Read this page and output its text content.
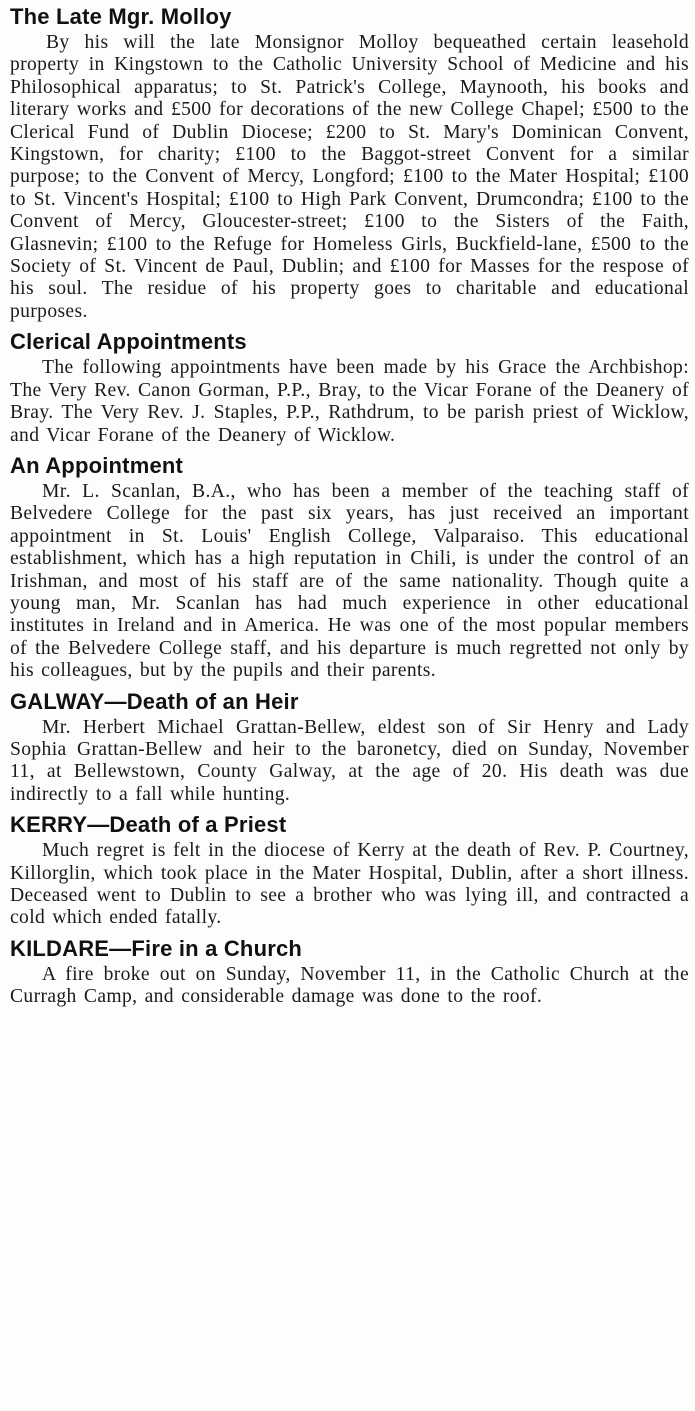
The Late Mgr. Molloy

By his will the late Monsignor Molloy bequeathed certain leasehold property in Kingstown to the Catholic University School of Medicine and his Philosophical apparatus; to St. Patrick's College, Maynooth, his books and literary works and £500 for decorations of the new College Chapel; £500 to the Clerical Fund of Dublin Diocese; £200 to St. Mary's Dominican Convent, Kingstown, for charity; £100 to the Baggot-street Convent for a similar purpose; to the Convent of Mercy, Longford; £100 to the Mater Hospital; £100 to St. Vincent's Hospital; £100 to High Park Convent, Drumcondra; £100 to the Convent of Mercy, Gloucester-street; £100 to the Sisters of the Faith, Glasnevin; £100 to the Refuge for Homeless Girls, Buckfield-lane, £500 to the Society of St. Vincent de Paul, Dublin; and £100 for Masses for the respose of his soul. The residue of his property goes to charitable and educational purposes.

Clerical Appointments

The following appointments have been made by his Grace the Archbishop: The Very Rev. Canon Gorman, P.P., Bray, to the Vicar Forane of the Deanery of Bray. The Very Rev. J. Staples, P.P., Rathdrum, to be parish priest of Wicklow, and Vicar Forane of the Deanery of Wicklow.

An Appointment

Mr. L. Scanlan, B.A., who has been a member of the teaching staff of Belvedere College for the past six years, has just received an important appointment in St. Louis' English College, Valparaiso. This educational establishment, which has a high reputation in Chili, is under the control of an Irishman, and most of his staff are of the same nationality. Though quite a young man, Mr. Scanlan has had much experience in other educational institutes in Ireland and in America. He was one of the most popular members of the Belvedere College staff, and his departure is much regretted not only by his colleagues, but by the pupils and their parents.

GALWAY—Death of an Heir

Mr. Herbert Michael Grattan-Bellew, eldest son of Sir Henry and Lady Sophia Grattan-Bellew and heir to the baronetcy, died on Sunday, November 11, at Bellewstown, County Galway, at the age of 20. His death was due indirectly to a fall while hunting.

KERRY—Death of a Priest

Much regret is felt in the diocese of Kerry at the death of Rev. P. Courtney, Killorglin, which took place in the Mater Hospital, Dublin, after a short illness. Deceased went to Dublin to see a brother who was lying ill, and contracted a cold which ended fatally.

KILDARE—Fire in a Church

A fire broke out on Sunday, November 11, in the Catholic Church at the Curragh Camp, and considerable damage was done to the roof.
